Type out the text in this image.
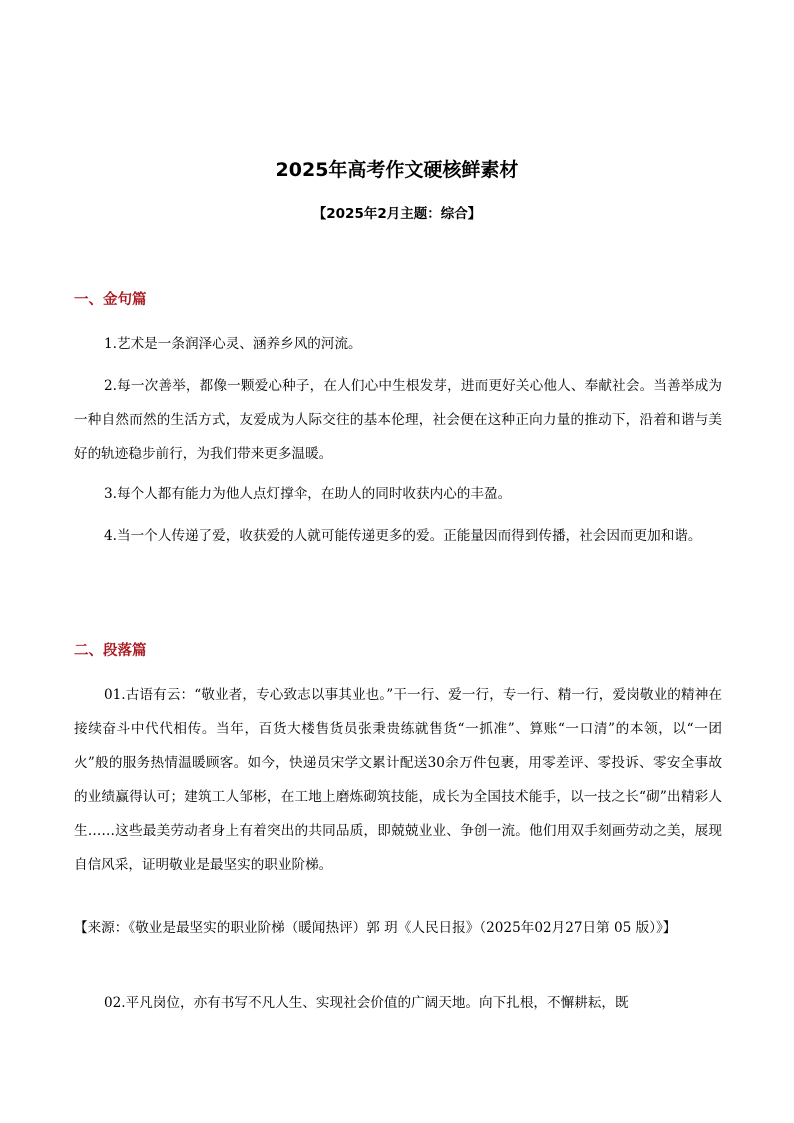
2025年高考作文硬核鲜素材
【2025年2月主题：综合】
一、金句篇
1.艺术是一条润泽心灵、涵养乡风的河流。
2.每一次善举，都像一颗爱心种子，在人们心中生根发芽，进而更好关心他人、奉献社会。当善举成为一种自然而然的生活方式，友爱成为人际交往的基本伦理，社会便在这种正向力量的推动下，沿着和谐与美好的轨迹稳步前行，为我们带来更多温暖。
3.每个人都有能力为他人点灯撑伞，在助人的同时收获内心的丰盈。
4.当一个人传递了爱，收获爱的人就可能传递更多的爱。正能量因而得到传播，社会因而更加和谐。
二、段落篇
01.古语有云：“敬业者，专心致志以事其业也。”干一行、爱一行，专一行、精一行，爱岗敬业的精神在接续奋斗中代代相传。当年，百货大楼售货员张秉贵练就售货“一抓准”、算账“一口清”的本领，以“一团火”般的服务热情温暖顾客。如今，快递员宋学文累计配送30余万件包裹，用零差评、零投诉、零安全事故的业绩赢得认可；建筑工人邹彬，在工地上磨炼砌筑技能，成长为全国技术能手，以一技之长“砌”出精彩人生……这些最美劳动者身上有着突出的共同品质，即兢兢业业、争创一流。他们用双手刻画劳动之美，展现自信风采，证明敬业是最坚实的职业阶梯。
【来源：《敬业是最坚实的职业阶梯（暖闻热评）郭 玥《人民日报》（2025年02月27日第 05 版）》】
02.平凡岗位，亦有书写不凡人生、实现社会价值的广阔天地。向下扎根，不懈耕耘，既
